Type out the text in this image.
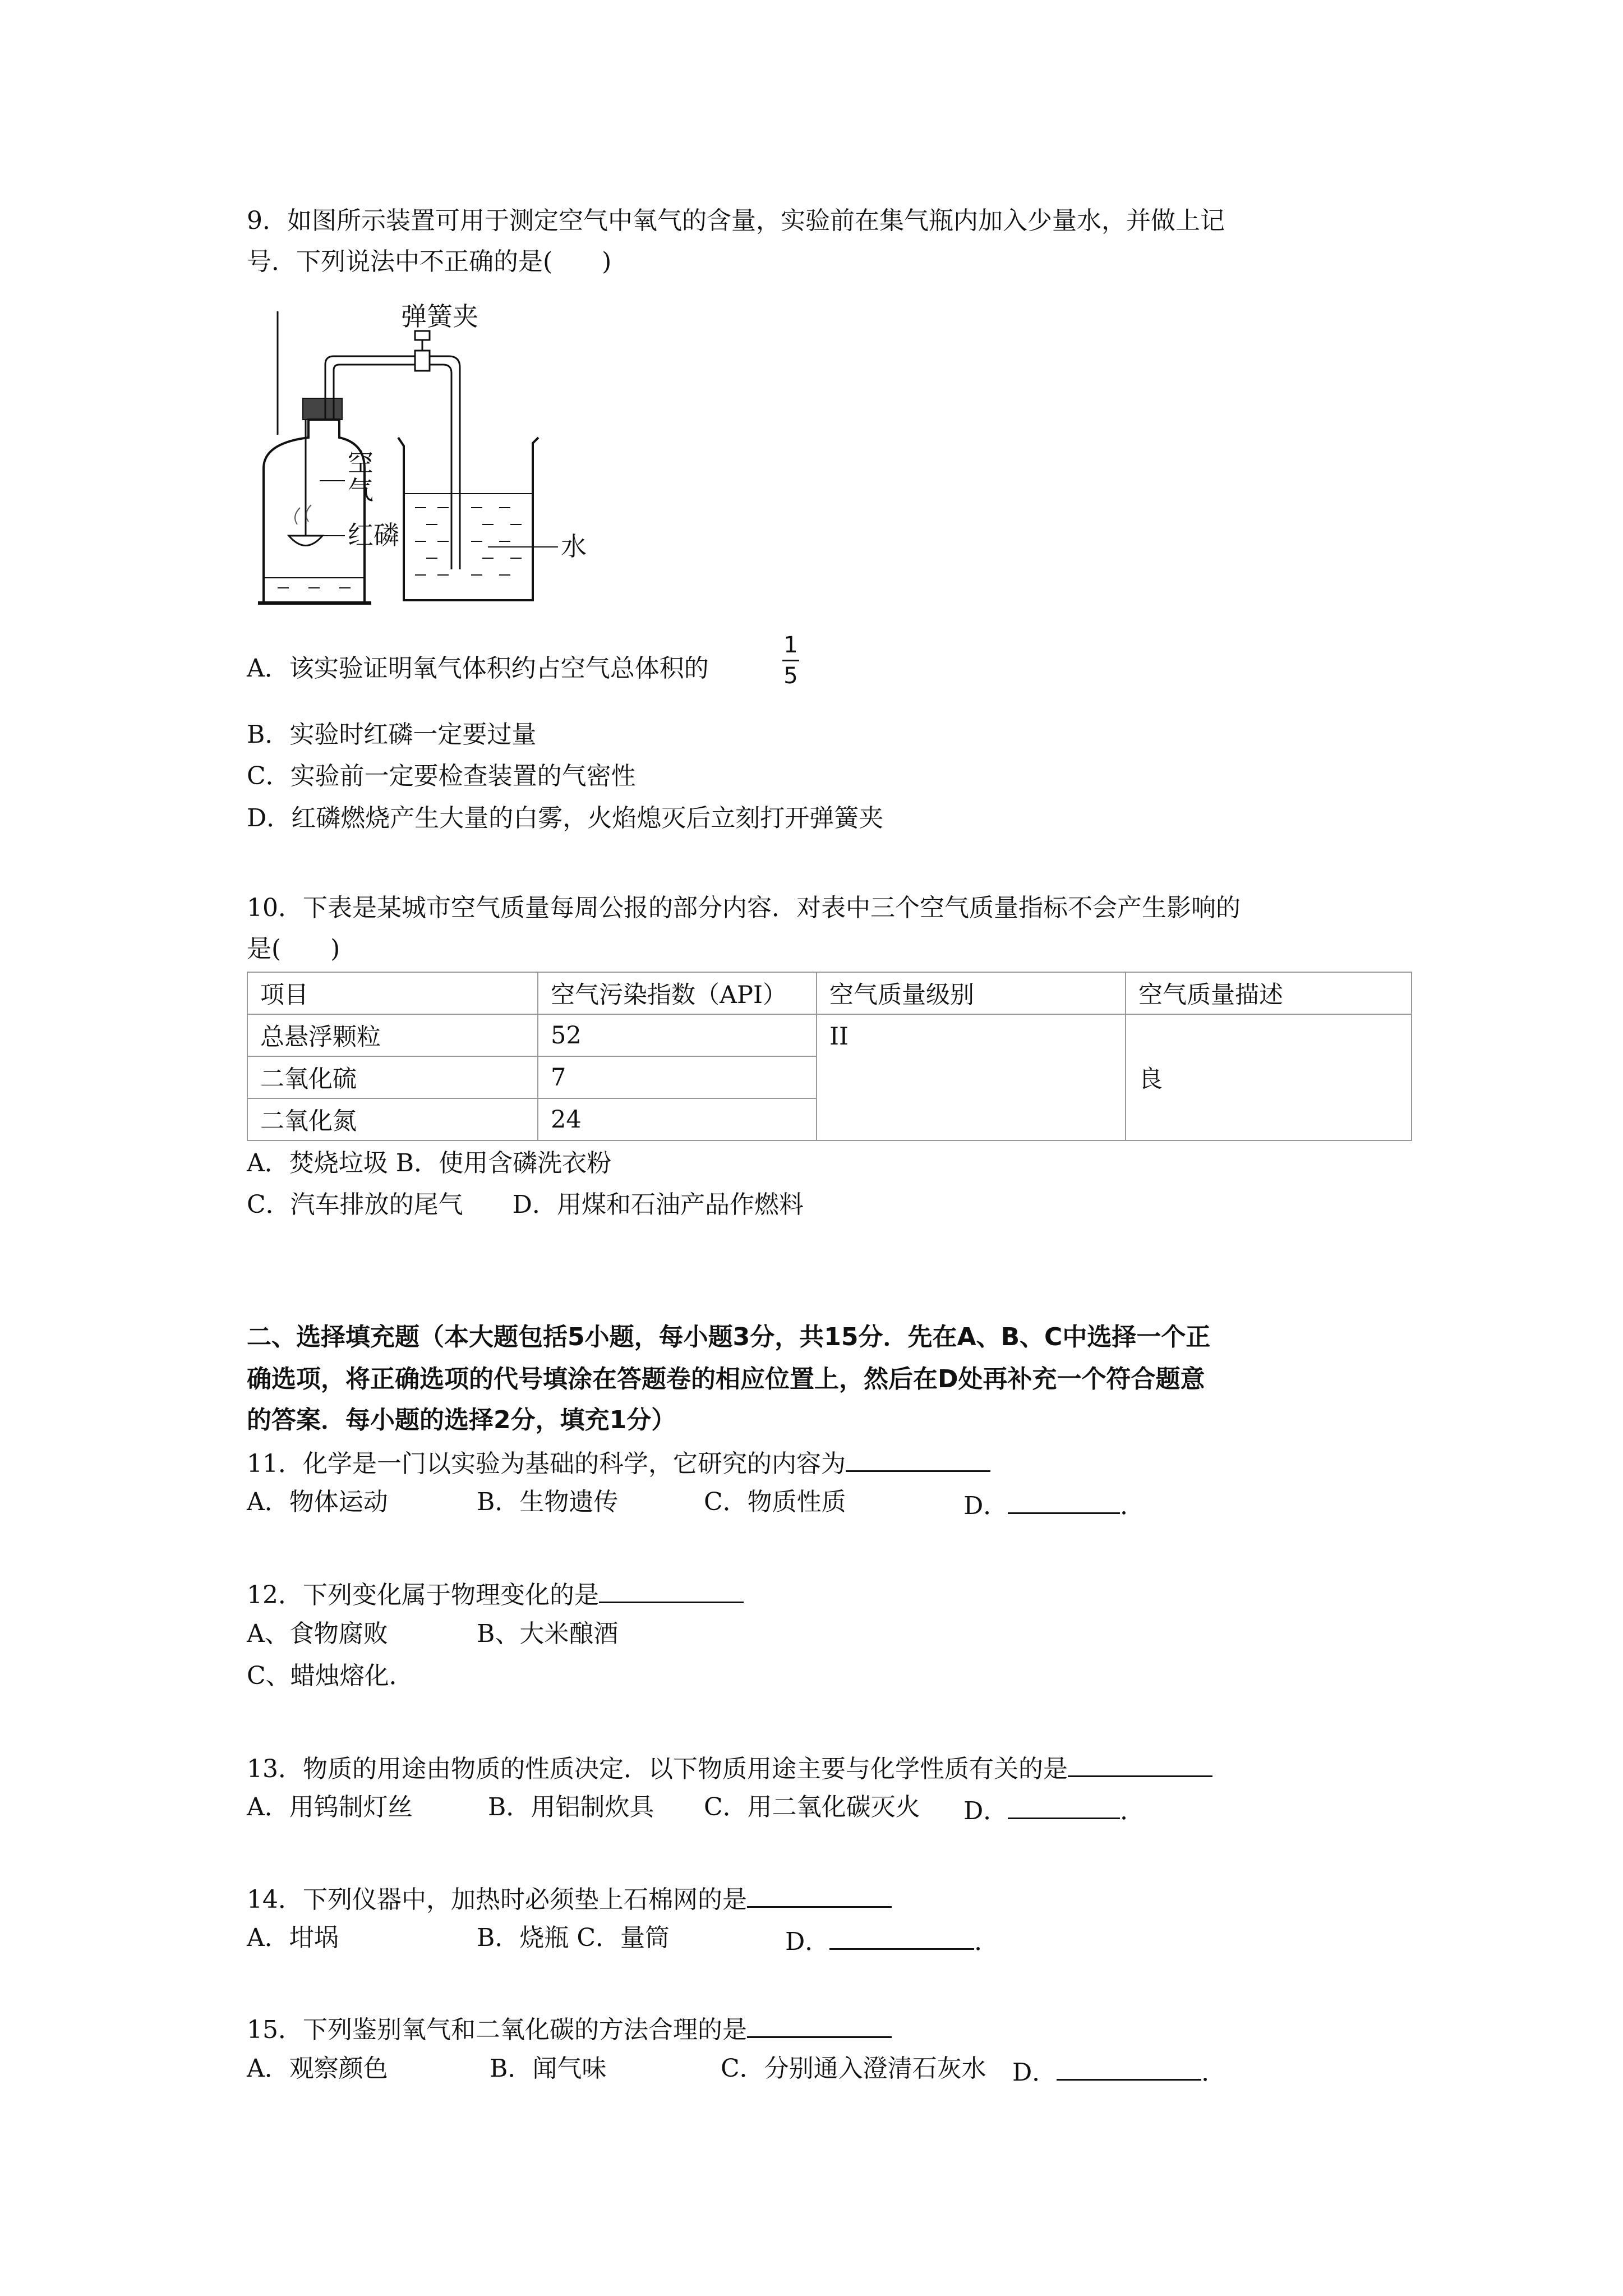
9．如图所示装置可用于测定空气中氧气的含量，实验前在集气瓶内加入少量水，并做上记
号．下列说法中不正确的是(　　)
弹簧夹
空
气
红磷	水
A．该实验证明氧气体积约占空气总体积的
1
5
B．实验时红磷一定要过量
C．实验前一定要检查装置的气密性
D．红磷燃烧产生大量的白雾，火焰熄灭后立刻打开弹簧夹
10．下表是某城市空气质量每周公报的部分内容．对表中三个空气质量指标不会产生影响的
是(　　)
项目	空气污染指数（API）	空气质量级别	空气质量描述
总悬浮颗粒	52	II	良
二氧化硫	7		
二氧化氮	24		
A．焚烧垃圾 B．使用含磷洗衣粉
C．汽车排放的尾气　　D．用煤和石油产品作燃料
二、选择填充题（本大题包括5小题，每小题3分，共15分．先在A、B、C中选择一个正
确选项，将正确选项的代号填涂在答题卷的相应位置上，然后在D处再补充一个符合题意
的答案．每小题的选择2分，填充1分）
11．化学是一门以实验为基础的科学，它研究的内容为
A．物体运动	B．生物遗传	C．物质性质	D．	．
12．下列变化属于物理变化的是
A、食物腐败	B、大米酿酒
C、蜡烛熔化．
13．物质的用途由物质的性质决定．以下物质用途主要与化学性质有关的是
A．用钨制灯丝	B．用铝制炊具 C．用二氧化碳灭火 D．	．
14．下列仪器中，加热时必须垫上石棉网的是
A．坩埚	B．烧瓶 C．量筒	D．	．
15．下列鉴别氧气和二氧化碳的方法合理的是
A．观察颜色	B．闻气味	C．分别通入澄清石灰水 D．	．
